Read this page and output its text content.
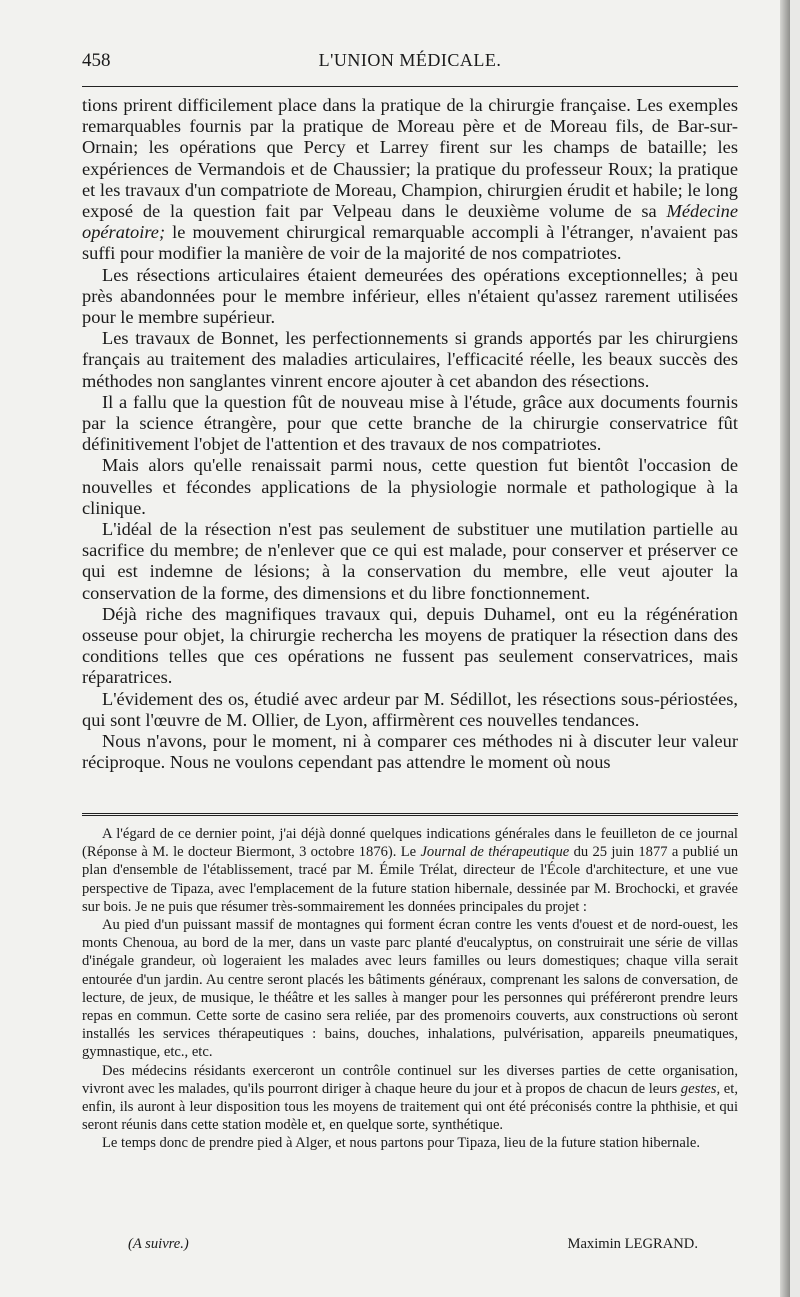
458	L'UNION MÉDICALE.

tions prirent difficilement place dans la pratique de la chirurgie française. Les exemples remarquables fournis par la pratique de Moreau père et de Moreau fils, de Bar-sur-Ornain; les opérations que Percy et Larrey firent sur les champs de bataille; les expériences de Vermandois et de Chaussier; la pratique du professeur Roux; la pratique et les travaux d'un compatriote de Moreau, Champion, chirurgien érudit et habile; le long exposé de la question fait par Velpeau dans le deuxième volume de sa Médecine opératoire; le mouvement chirurgical remarquable accompli à l'étranger, n'avaient pas suffi pour modifier la manière de voir de la majorité de nos compatriotes.

Les résections articulaires étaient demeurées des opérations exceptionnelles; à peu près abandonnées pour le membre inférieur, elles n'étaient qu'assez rarement utilisées pour le membre supérieur.

Les travaux de Bonnet, les perfectionnements si grands apportés par les chirurgiens français au traitement des maladies articulaires, l'efficacité réelle, les beaux succès des méthodes non sanglantes vinrent encore ajouter à cet abandon des résections.

Il a fallu que la question fût de nouveau mise à l'étude, grâce aux documents fournis par la science étrangère, pour que cette branche de la chirurgie conservatrice fût définitivement l'objet de l'attention et des travaux de nos compatriotes.

Mais alors qu'elle renaissait parmi nous, cette question fut bientôt l'occasion de nouvelles et fécondes applications de la physiologie normale et pathologique à la clinique.

L'idéal de la résection n'est pas seulement de substituer une mutilation partielle au sacrifice du membre; de n'enlever que ce qui est malade, pour conserver et préserver ce qui est indemne de lésions; à la conservation du membre, elle veut ajouter la conservation de la forme, des dimensions et du libre fonctionnement.

Déjà riche des magnifiques travaux qui, depuis Duhamel, ont eu la régénération osseuse pour objet, la chirurgie rechercha les moyens de pratiquer la résection dans des conditions telles que ces opérations ne fussent pas seulement conservatrices, mais réparatrices.

L'évidement des os, étudié avec ardeur par M. Sédillot, les résections sous-périostées, qui sont l'œuvre de M. Ollier, de Lyon, affirmèrent ces nouvelles tendances.

Nous n'avons, pour le moment, ni à comparer ces méthodes ni à discuter leur valeur réciproque. Nous ne voulons cependant pas attendre le moment où nous

A l'égard de ce dernier point, j'ai déjà donné quelques indications générales dans le feuilleton de ce journal (Réponse à M. le docteur Biermont, 3 octobre 1876). Le Journal de thérapeutique du 25 juin 1877 a publié un plan d'ensemble de l'établissement, tracé par M. Émile Trélat, directeur de l'École d'architecture, et une vue perspective de Tipaza, avec l'emplacement de la future station hibernale, dessinée par M. Brochocki, et gravée sur bois. Je ne puis que résumer très-sommairement les données principales du projet :

Au pied d'un puissant massif de montagnes qui forment écran contre les vents d'ouest et de nord-ouest, les monts Chenoua, au bord de la mer, dans un vaste parc planté d'eucalyptus, on construirait une série de villas d'inégale grandeur, où logeraient les malades avec leurs familles ou leurs domestiques; chaque villa serait entourée d'un jardin. Au centre seront placés les bâtiments généraux, comprenant les salons de conversation, de lecture, de jeux, de musique, le théâtre et les salles à manger pour les personnes qui préféreront prendre leurs repas en commun. Cette sorte de casino sera reliée, par des promenoirs couverts, aux constructions où seront installés les services thérapeutiques : bains, douches, inhalations, pulvérisation, appareils pneumatiques, gymnastique, etc., etc.

Des médecins résidants exerceront un contrôle continuel sur les diverses parties de cette organisation, vivront avec les malades, qu'ils pourront diriger à chaque heure du jour et à propos de chacun de leurs gestes, et, enfin, ils auront à leur disposition tous les moyens de traitement qui ont été préconisés contre la phthisie, et qui seront réunis dans cette station modèle et, en quelque sorte, synthétique.

Le temps donc de prendre pied à Alger, et nous partons pour Tipaza, lieu de la future station hibernale.

(A suivre.)	Maximin LEGRAND.
